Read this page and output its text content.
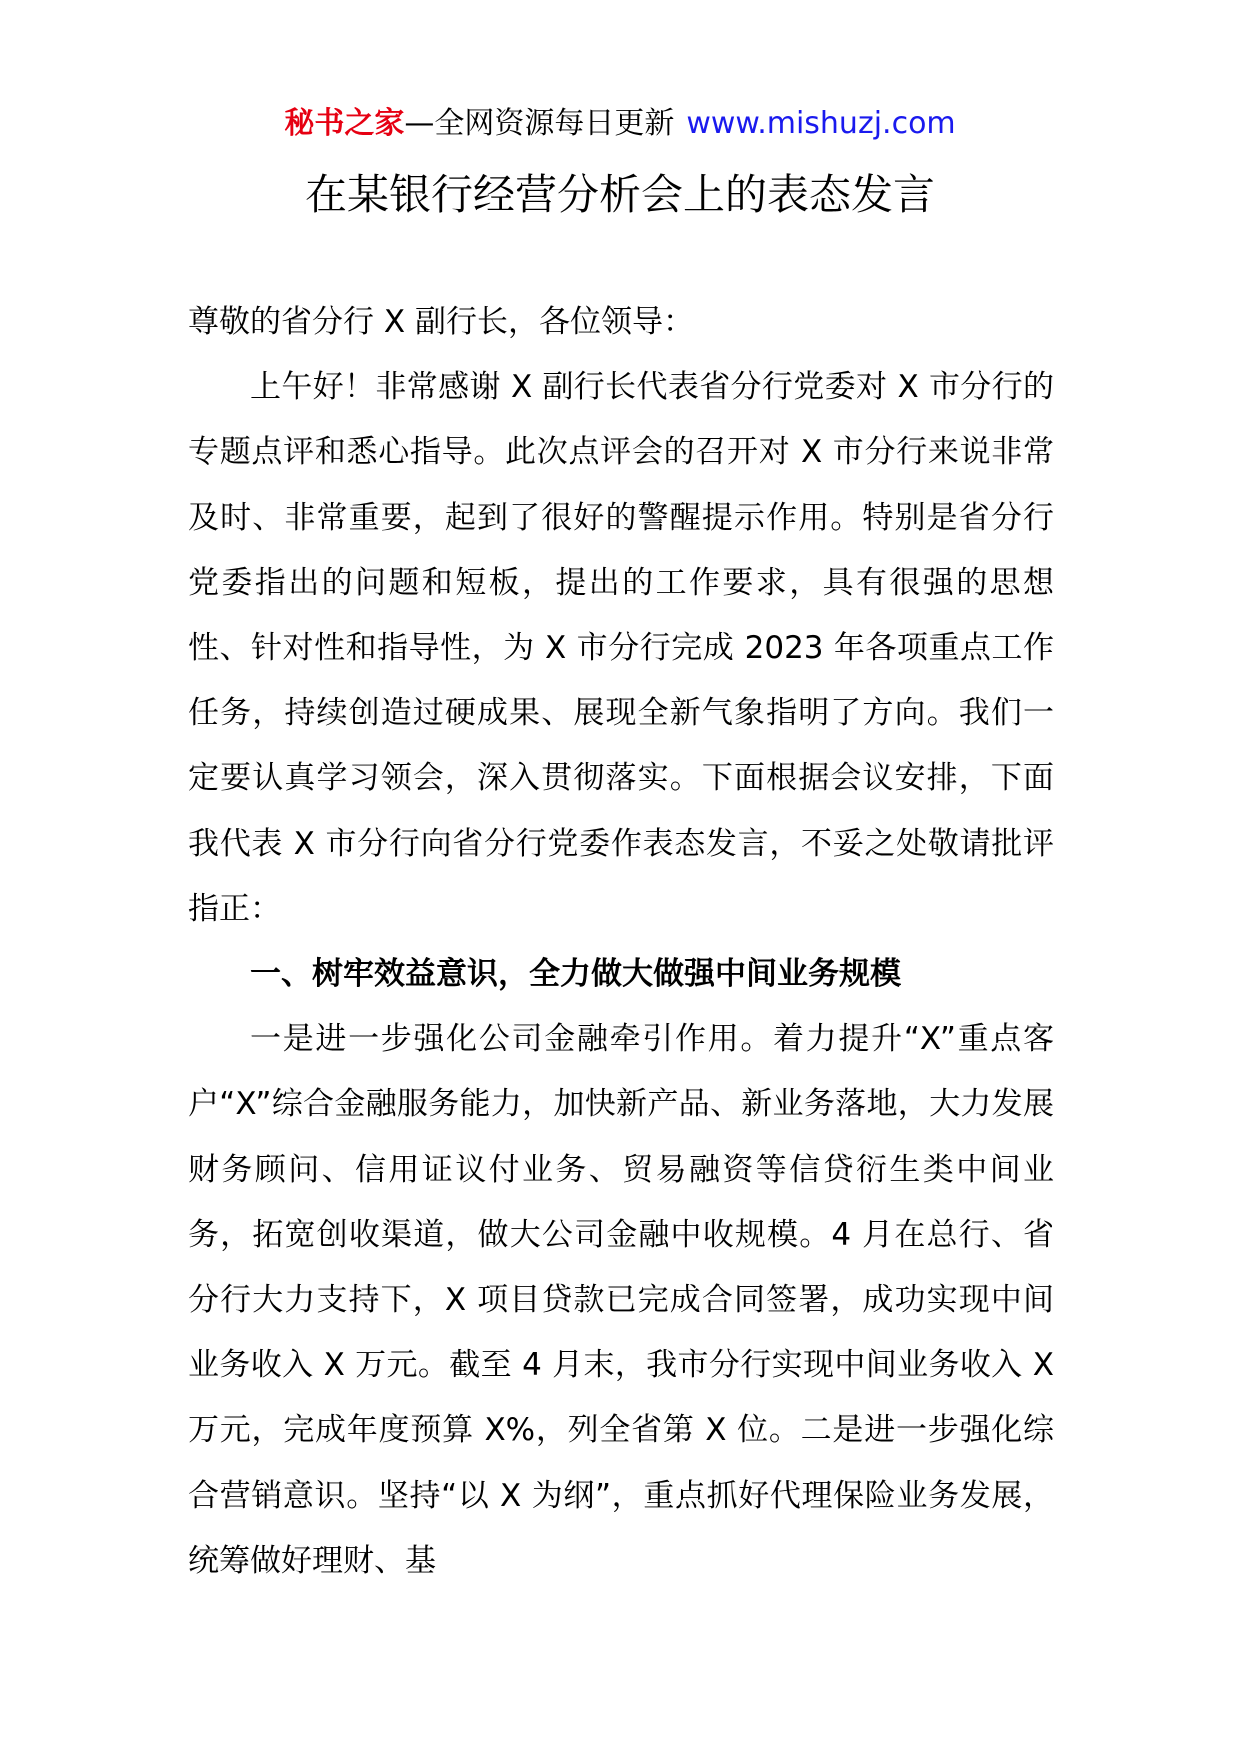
秘书之家—全网资源每日更新 www.mishuzj.com
在某银行经营分析会上的表态发言

尊敬的省分行 X 副行长，各位领导：

上午好！非常感谢 X 副行长代表省分行党委对 X 市分行的专题点评和悉心指导。此次点评会的召开对 X 市分行来说非常及时、非常重要，起到了很好的警醒提示作用。特别是省分行党委指出的问题和短板，提出的工作要求，具有很强的思想性、针对性和指导性，为 X 市分行完成 2023 年各项重点工作任务，持续创造过硬成果、展现全新气象指明了方向。我们一定要认真学习领会，深入贯彻落实。下面根据会议安排，下面我代表 X 市分行向省分行党委作表态发言，不妥之处敬请批评指正：

一、树牢效益意识，全力做大做强中间业务规模

一是进一步强化公司金融牵引作用。着力提升“X”重点客户“X”综合金融服务能力，加快新产品、新业务落地，大力发展财务顾问、信用证议付业务、贸易融资等信贷衍生类中间业务，拓宽创收渠道，做大公司金融中收规模。4 月在总行、省分行大力支持下，X 项目贷款已完成合同签署，成功实现中间业务收入 X 万元。截至 4 月末，我市分行实现中间业务收入 X 万元，完成年度预算 X%，列全省第 X 位。二是进一步强化综合营销意识。坚持“以 X 为纲”，重点抓好代理保险业务发展，统筹做好理财、基
